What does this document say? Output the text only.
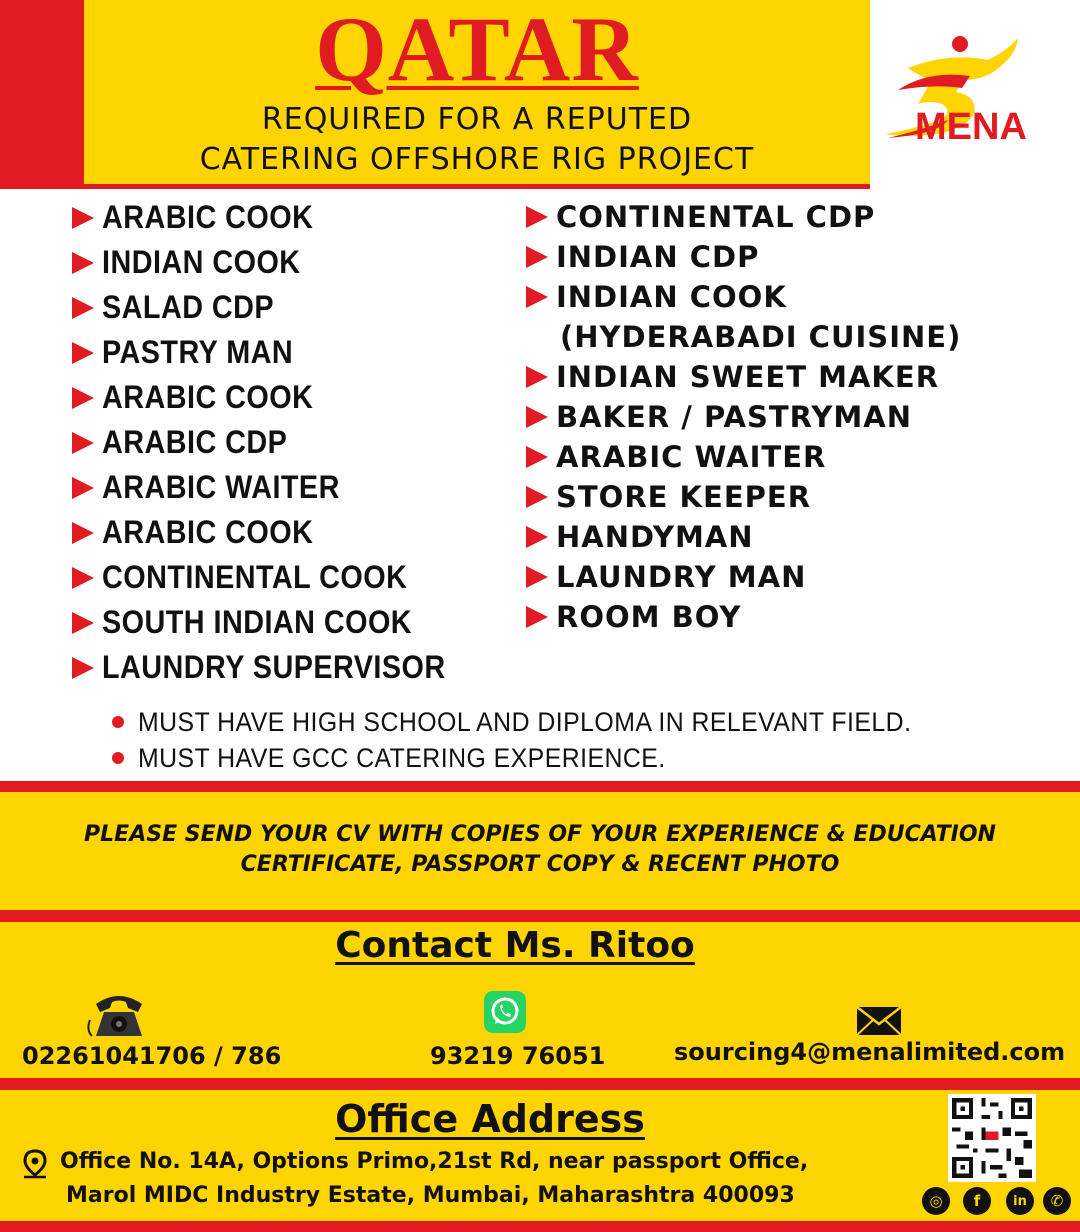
QATAR
REQUIRED FOR A REPUTED
CATERING OFFSHORE RIG PROJECT
MENA
ARABIC COOK
INDIAN COOK
SALAD CDP
PASTRY MAN
ARABIC COOK
ARABIC CDP
ARABIC WAITER
ARABIC COOK
CONTINENTAL COOK
SOUTH INDIAN COOK
LAUNDRY SUPERVISOR
CONTINENTAL CDP
INDIAN CDP
INDIAN COOK
(HYDERABADI CUISINE)
INDIAN SWEET MAKER
BAKER / PASTRYMAN
ARABIC WAITER
STORE KEEPER
HANDYMAN
LAUNDRY MAN
ROOM BOY
MUST HAVE HIGH SCHOOL AND DIPLOMA IN RELEVANT FIELD.
MUST HAVE GCC CATERING EXPERIENCE.
PLEASE SEND YOUR CV WITH COPIES OF YOUR EXPERIENCE & EDUCATION
CERTIFICATE, PASSPORT COPY & RECENT PHOTO
Contact Ms. Ritoo
02261041706 / 786	93219 76051	sourcing4@menalimited.com
Office Address
Office No. 14A, Options Primo,21st Rd, near passport Office,
Marol MIDC Industry Estate, Mumbai, Maharashtra 400093	◎	f	in	✆
